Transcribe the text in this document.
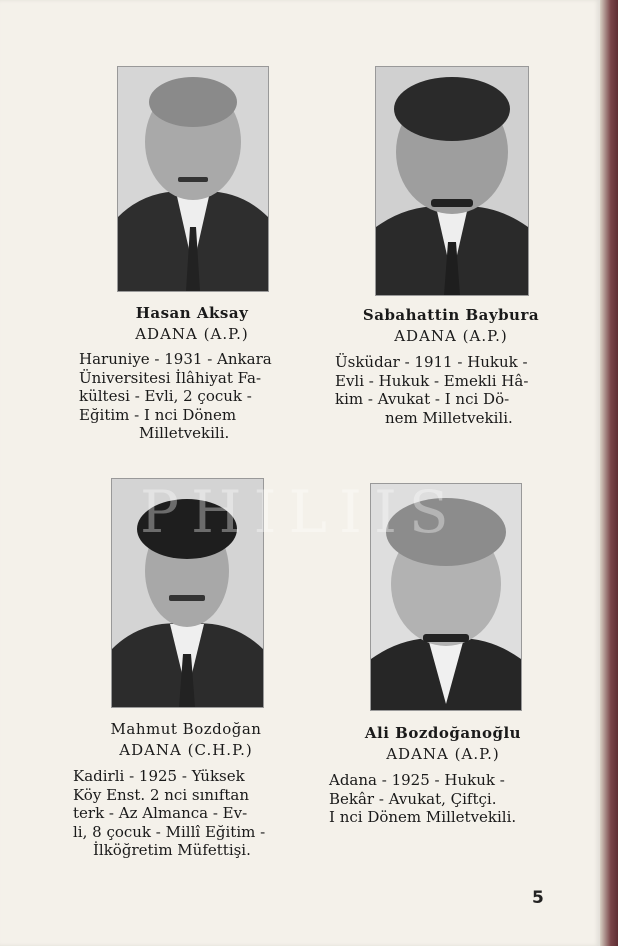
Hasan Aksay
ADANA (A.P.)
Haruniye - 1931 - Ankara
Üniversitesi İlâhiyat Fa-
kültesi - Evli, 2 çocuk -
Eğitim - I nci Dönem
Milletvekili.
Sabahattin Bayburа
ADANA (A.P.)
Üsküdar - 1911 - Hukuk -
Evli - Hukuk - Emekli Hâ-
kim - Avukat - I nci Dö-
nem Milletvekili.
Mahmut Bozdoğan
ADANA (C.H.P.)
Kadirli - 1925 - Yüksek
Köy Enst. 2 nci sınıftan
terk - Az Almanca - Ev-
li, 8 çocuk - Millî Eğitim -
İlköğretim Müfettişi.
Ali Bozdoğanoğlu
ADANA (A.P.)
Adana - 1925 - Hukuk -
Bekâr - Avukat, Çiftçi.
I nci Dönem Milletvekili.
PHILIIS
5
